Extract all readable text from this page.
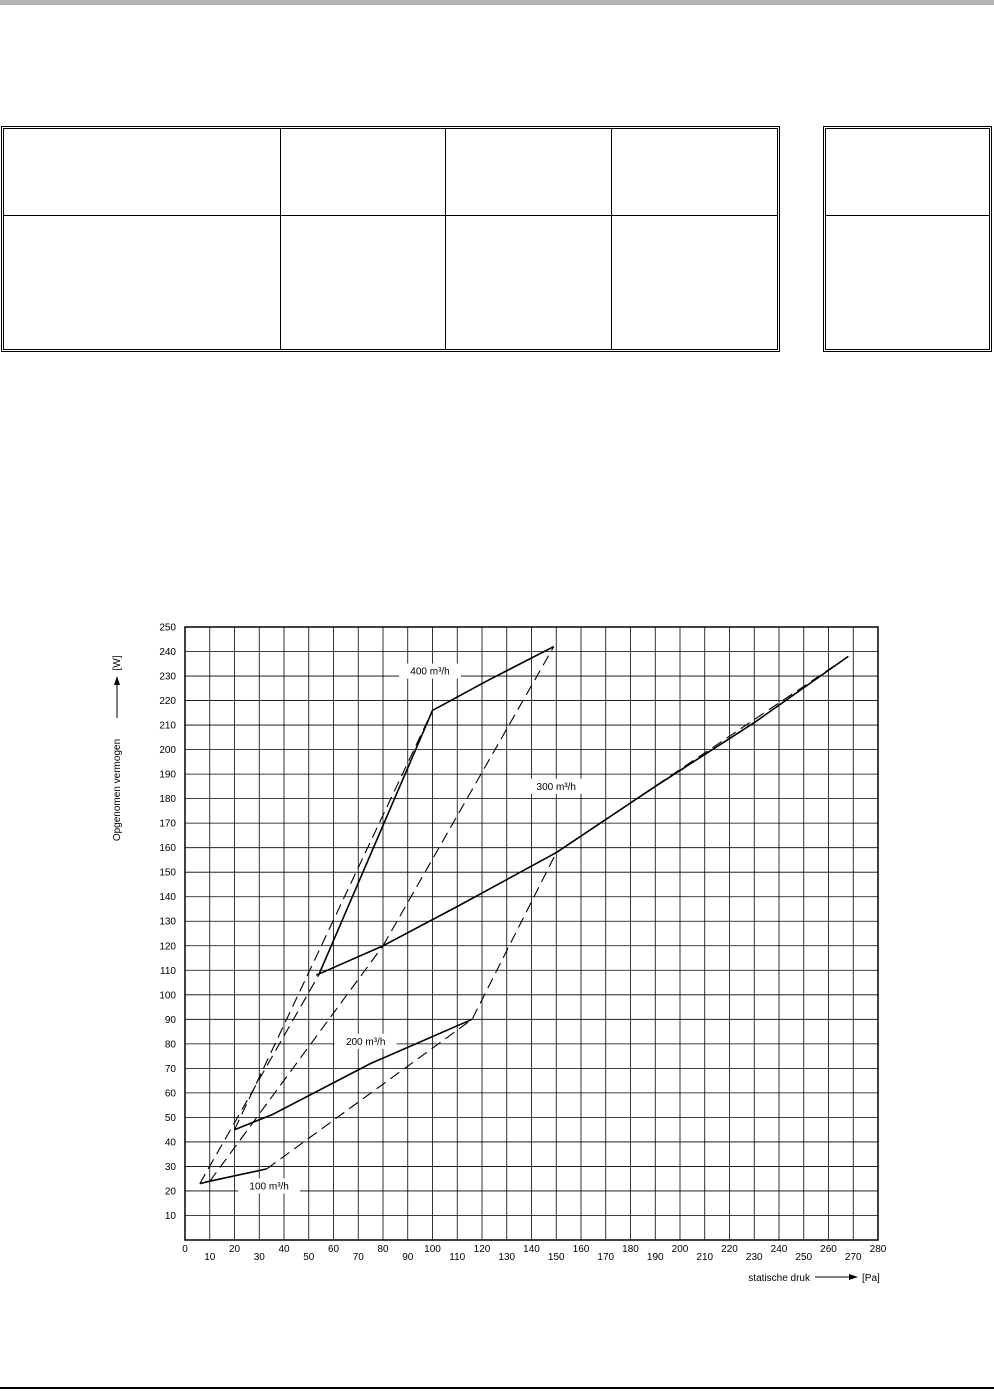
400 m³/h
300 m³/h
200 m³/h
100 m³/h
0
10
20
30
40
50
60
70
80
90
100
110
120
130
140
150
160
170
180
190
200
210
220
230
240
250
260
270
280
10
20
30
40
50
60
70
80
90
100
110
120
130
140
150
160
170
180
190
200
210
220
230
240
250
Opgenomen vermogen
[W]
statische druk	[Pa]
